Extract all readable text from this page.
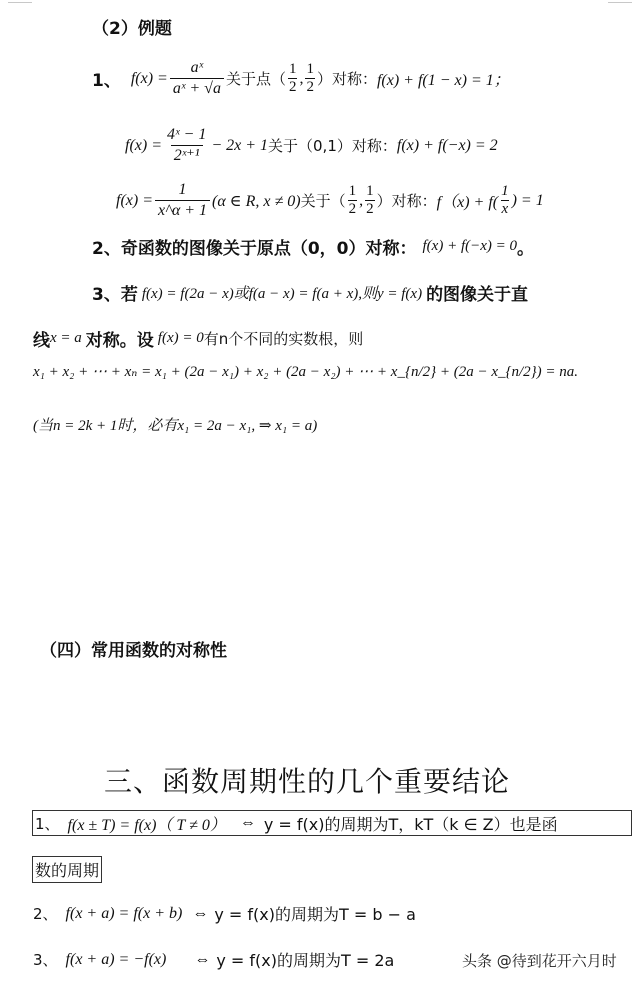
（2）例题
1、 $f(x) = \frac{\text{aˣ}}{\text{aˣ + √a}}$ 关于点（ $\frac{1}{2}$ , $\frac{1}{2}$ ）对称： f(x) + f(1 − x) = 1；
$f(x) = \frac{\text{4ˣ − 1}}{\text{2ˣ⁺¹}} - 2x + 1$ 关于（0,1）对称： f(x) + f(−x) = 2
$f(x) = \frac{1}{x\^{}\alpha + 1} (\alpha$ ∈ R, x ≠ 0) 关于（ $\frac{1}{2}$ , $\frac{1}{2}$ ）对称： $f(x) + f( \frac{1}{x}$ ) = 1
2、奇函数的图像关于原点（0，0）对称： f(x) + f(−x) = 0 。
3、若 f(x) = f(2a − x)或f(a − x) = f(a + x),则y = f(x) 的图像关于直
线 x = a 对称。设 f(x) = 0 有n个不同的实数根，则
x₁ + x₂ + ⋯ + xₙ = x₁ + (2a − x₁) + x₂ + (2a − x₂) + ⋯ + x_{n/2} + (2a − x_{n/2}) = na.
(当n = 2k + 1时，必有x₁ = 2a − x₁, ⇒ x₁ = a)
（四）常用函数的对称性
三、函数周期性的几个重要结论
1、 f(x ± T) = f(x)（ T ≠ 0） ⇔ y = f(x)的周期为T，kT（k ∈ Z）也是函
数的周期
2、 f(x + a) = f(x + b) ⇔ y = f(x)的周期为T = b − a
3、 f(x + a) = −f(x) ⇔ y = f(x)的周期为T = 2a	头条 @待到花开六月时
